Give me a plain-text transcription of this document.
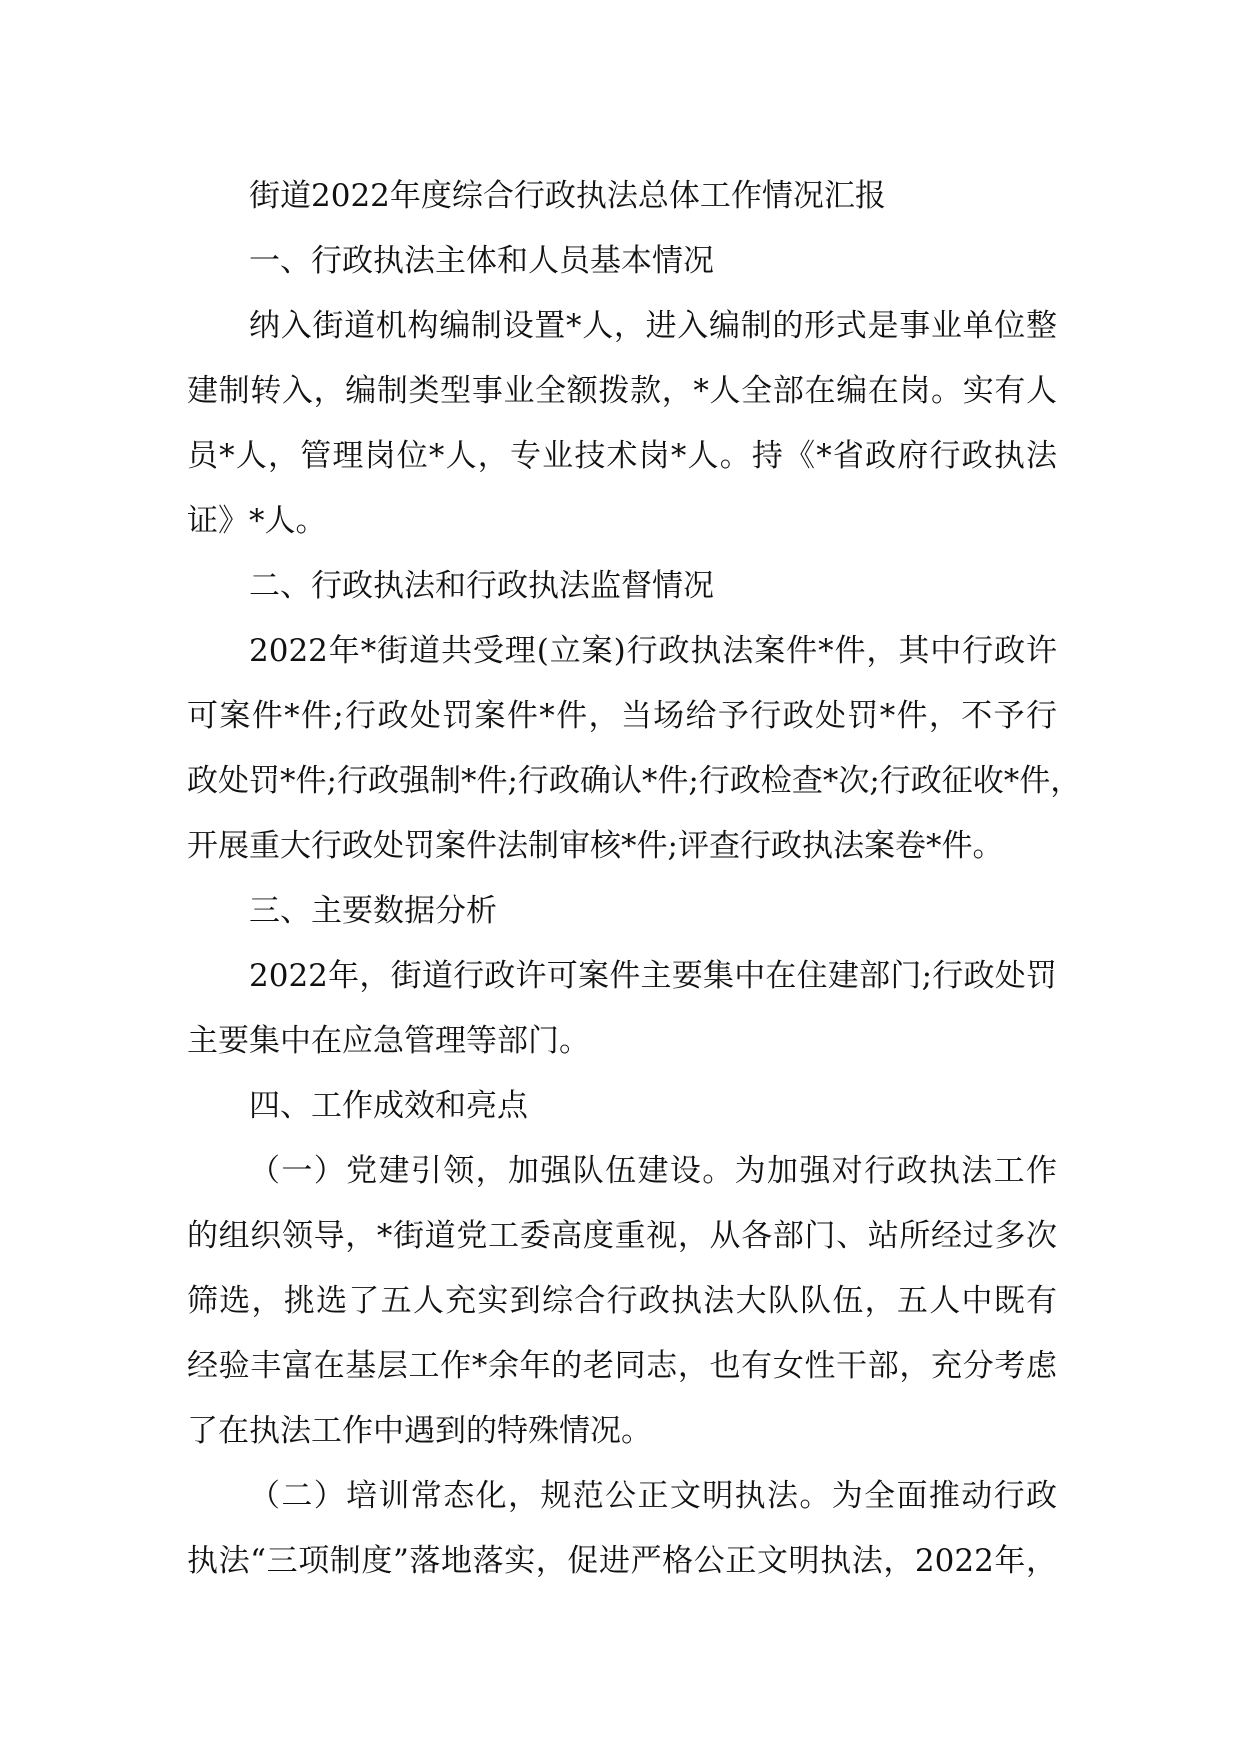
街道2022年度综合行政执法总体工作情况汇报
一、行政执法主体和人员基本情况
纳入街道机构编制设置*人，进入编制的形式是事业单位整
建制转入，编制类型事业全额拨款，*人全部在编在岗。实有人
员*人，管理岗位*人，专业技术岗*人。持《*省政府行政执法
证》*人。
二、行政执法和行政执法监督情况
2022年*街道共受理(立案)行政执法案件*件，其中行政许
可案件*件;行政处罚案件*件，当场给予行政处罚*件，不予行
政处罚*件;行政强制*件;行政确认*件;行政检查*次;行政征收*件，
开展重大行政处罚案件法制审核*件;评查行政执法案卷*件。
三、主要数据分析
2022年，街道行政许可案件主要集中在住建部门;行政处罚
主要集中在应急管理等部门。
四、工作成效和亮点
（一）党建引领，加强队伍建设。为加强对行政执法工作
的组织领导，*街道党工委高度重视，从各部门、站所经过多次
筛选，挑选了五人充实到综合行政执法大队队伍，五人中既有
经验丰富在基层工作*余年的老同志，也有女性干部，充分考虑
了在执法工作中遇到的特殊情况。
（二）培训常态化，规范公正文明执法。为全面推动行政
执法“三项制度”落地落实，促进严格公正文明执法，2022年，
